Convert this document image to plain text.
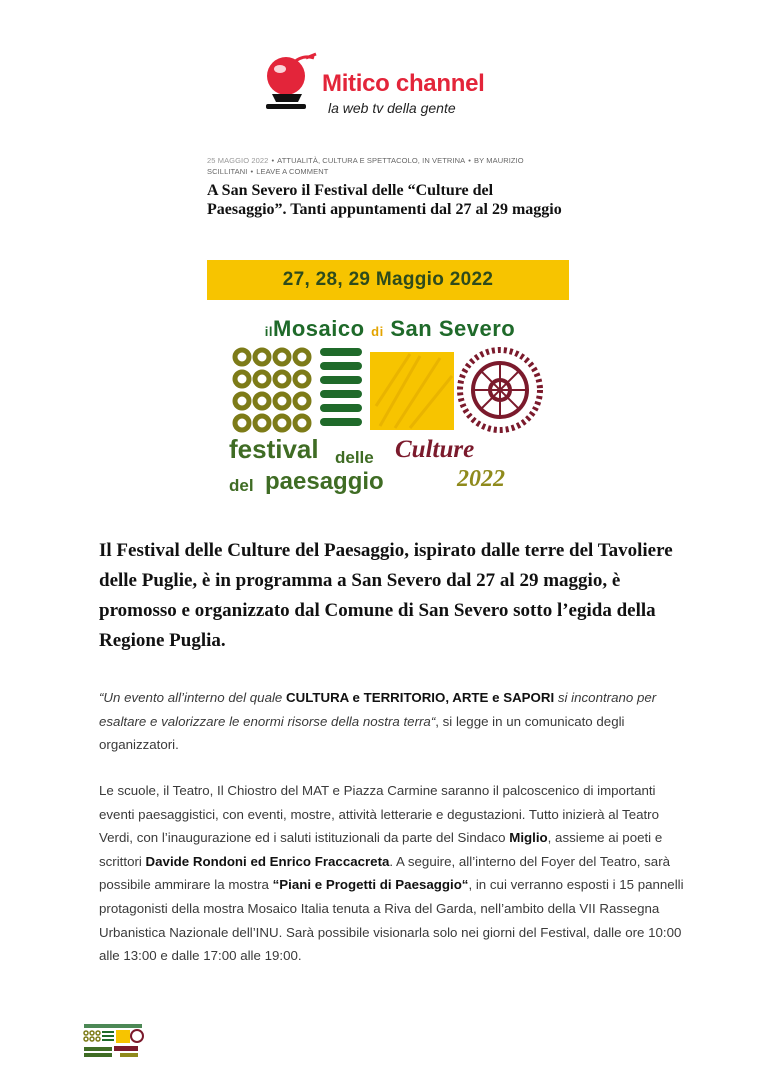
Mitico channel
la web tv della gente
25 MAGGIO 2022 • ATTUALITÀ, CULTURA E SPETTACOLO, IN VETRINA • BY MAURIZIO SCILLITANI • LEAVE A COMMENT
A San Severo il Festival delle “Culture del Paesaggio”. Tanti appuntamenti dal 27 al 29 maggio
27, 28, 29 Maggio 2022
ilMosaico di San Severo
festival delle Culture
del paesaggio	2022

Il Festival delle Culture del Paesaggio, ispirato dalle terre del Tavoliere delle Puglie, è in programma a San Severo dal 27 al 29 maggio, è promosso e organizzato dal Comune di San Severo sotto l’egida della Regione Puglia.

“Un evento all’interno del quale CULTURA e TERRITORIO, ARTE e SAPORI si incontrano per esaltare e valorizzare le enormi risorse della nostra terra“, si legge in un comunicato degli organizzatori.

Le scuole, il Teatro, Il Chiostro del MAT e Piazza Carmine saranno il palcoscenico di importanti eventi paesaggistici, con eventi, mostre, attività letterarie e degustazioni. Tutto inizierà al Teatro Verdi, con l’inaugurazione ed i saluti istituzionali da parte del Sindaco Miglio, assieme ai poeti e scrittori Davide Rondoni ed Enrico Fraccacreta. A seguire, all’interno del Foyer del Teatro, sarà possibile ammirare la mostra “Piani e Progetti di Paesaggio“, in cui verranno esposti i 15 pannelli protagonisti della mostra Mosaico Italia tenuta a Riva del Garda, nell’ambito della VII Rassegna Urbanistica Nazionale dell’INU. Sarà possibile visionarla solo nei giorni del Festival, dalle ore 10:00 alle 13:00 e dalle 17:00 alle 19:00.
